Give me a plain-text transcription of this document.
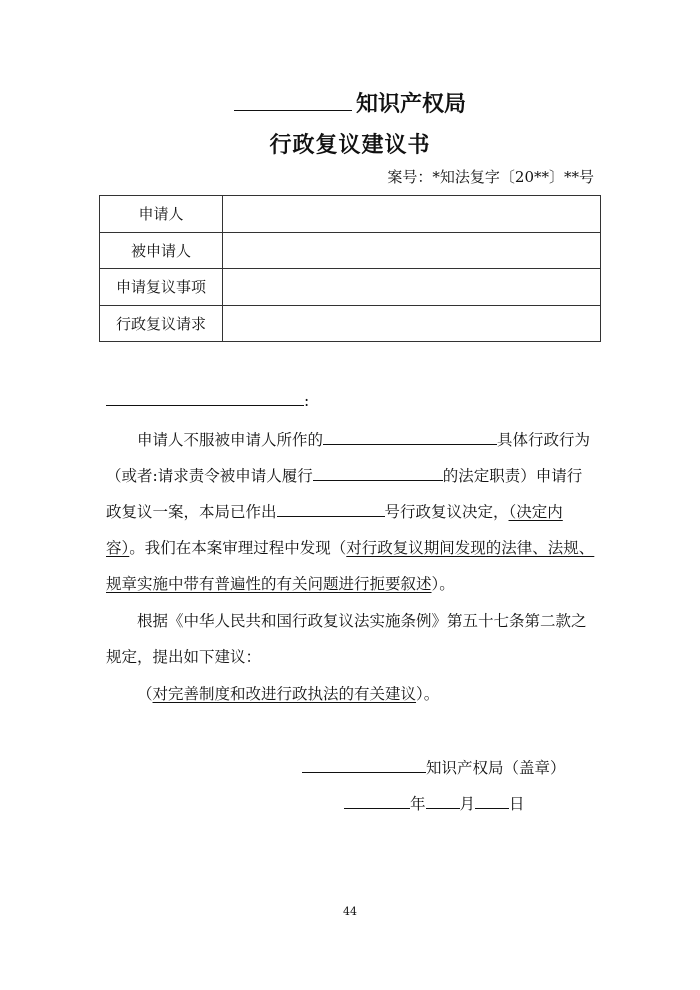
知识产权局
行政复议建议书
案号：*知法复字〔20**〕**号
申请人	
被申请人	
申请复议事项	
行政复议请求	
:
申请人不服被申请人所作的	具体行政行为（或者:请求责令被申请人履行	的法定职责）申请行政复议一案，本局已作出	号行政复议决定，（决定内容）。我们在本案审理过程中发现（对行政复议期间发现的法律、法规、规章实施中带有普遍性的有关问题进行扼要叙述）。
根据《中华人民共和国行政复议法实施条例》第五十七条第二款之规定，提出如下建议：
（对完善制度和改进行政执法的有关建议）。
知识产权局（盖章）
年 月 日
44
